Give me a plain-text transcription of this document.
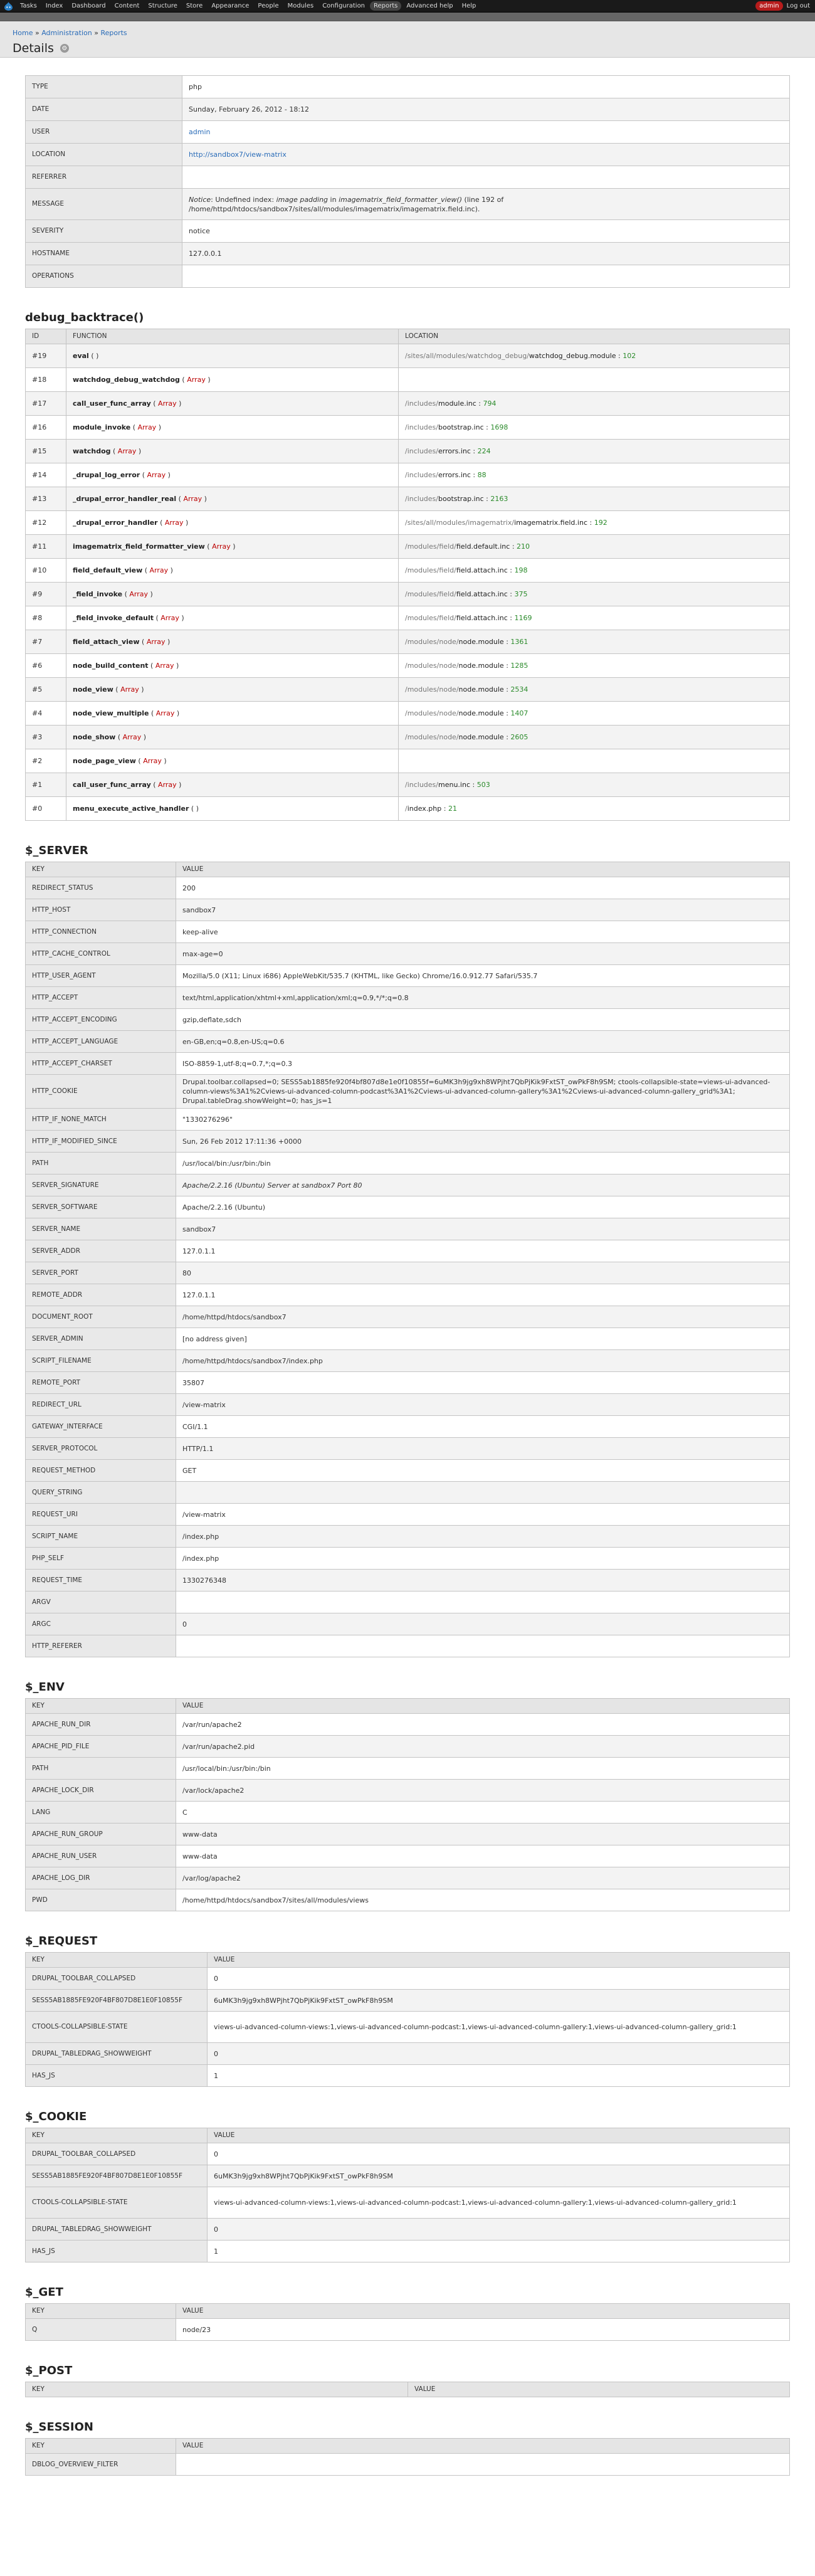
Tasks	Index	Dashboard	Content	Structure	Store	Appearance	People	Modules	Configuration	Reports	Advanced help	Help	admin	Log out
Home » Administration » Reports
Details ⚙
TYPE	php
DATE	Sunday, February 26, 2012 - 18:12
USER	admin
LOCATION	http://sandbox7/view-matrix
REFERRER	
MESSAGE	Notice: Undefined index: image padding in imagematrix_field_formatter_view() (line 192 of /home/httpd/htdocs/sandbox7/sites/all/modules/imagematrix/imagematrix.field.inc).
SEVERITY	notice
HOSTNAME	127.0.0.1
OPERATIONS	
debug_backtrace()
ID	FUNCTION	LOCATION
#19	eval ( )	/sites/all/modules/watchdog_debug/watchdog_debug.module : 102
#18	watchdog_debug_watchdog ( Array )	
#17	call_user_func_array ( Array )	/includes/module.inc : 794
#16	module_invoke ( Array )	/includes/bootstrap.inc : 1698
#15	watchdog ( Array )	/includes/errors.inc : 224
#14	_drupal_log_error ( Array )	/includes/errors.inc : 88
#13	_drupal_error_handler_real ( Array )	/includes/bootstrap.inc : 2163
#12	_drupal_error_handler ( Array )	/sites/all/modules/imagematrix/imagematrix.field.inc : 192
#11	imagematrix_field_formatter_view ( Array )	/modules/field/field.default.inc : 210
#10	field_default_view ( Array )	/modules/field/field.attach.inc : 198
#9	_field_invoke ( Array )	/modules/field/field.attach.inc : 375
#8	_field_invoke_default ( Array )	/modules/field/field.attach.inc : 1169
#7	field_attach_view ( Array )	/modules/node/node.module : 1361
#6	node_build_content ( Array )	/modules/node/node.module : 1285
#5	node_view ( Array )	/modules/node/node.module : 2534
#4	node_view_multiple ( Array )	/modules/node/node.module : 1407
#3	node_show ( Array )	/modules/node/node.module : 2605
#2	node_page_view ( Array )	
#1	call_user_func_array ( Array )	/includes/menu.inc : 503
#0	menu_execute_active_handler ( )	/index.php : 21
$_SERVER
KEY	VALUE
REDIRECT_STATUS	200
HTTP_HOST	sandbox7
HTTP_CONNECTION	keep-alive
HTTP_CACHE_CONTROL	max-age=0
HTTP_USER_AGENT	Mozilla/5.0 (X11; Linux i686) AppleWebKit/535.7 (KHTML, like Gecko) Chrome/16.0.912.77 Safari/535.7
HTTP_ACCEPT	text/html,application/xhtml+xml,application/xml;q=0.9,*/*;q=0.8
HTTP_ACCEPT_ENCODING	gzip,deflate,sdch
HTTP_ACCEPT_LANGUAGE	en-GB,en;q=0.8,en-US;q=0.6
HTTP_ACCEPT_CHARSET	ISO-8859-1,utf-8;q=0.7,*;q=0.3
HTTP_COOKIE	Drupal.toolbar.collapsed=0; SESS5ab1885fe920f4bf807d8e1e0f10855f=6uMK3h9jg9xh8WPjht7QbPjKik9FxtST_owPkF8h9SM; ctools-collapsible-state=views-ui-advanced-column-views%3A1%2Cviews-ui-advanced-column-podcast%3A1%2Cviews-ui-advanced-column-gallery%3A1%2Cviews-ui-advanced-column-gallery_grid%3A1; Drupal.tableDrag.showWeight=0; has_js=1
HTTP_IF_NONE_MATCH	"1330276296"
HTTP_IF_MODIFIED_SINCE	Sun, 26 Feb 2012 17:11:36 +0000
PATH	/usr/local/bin:/usr/bin:/bin
SERVER_SIGNATURE	Apache/2.2.16 (Ubuntu) Server at sandbox7 Port 80
SERVER_SOFTWARE	Apache/2.2.16 (Ubuntu)
SERVER_NAME	sandbox7
SERVER_ADDR	127.0.1.1
SERVER_PORT	80
REMOTE_ADDR	127.0.1.1
DOCUMENT_ROOT	/home/httpd/htdocs/sandbox7
SERVER_ADMIN	[no address given]
SCRIPT_FILENAME	/home/httpd/htdocs/sandbox7/index.php
REMOTE_PORT	35807
REDIRECT_URL	/view-matrix
GATEWAY_INTERFACE	CGI/1.1
SERVER_PROTOCOL	HTTP/1.1
REQUEST_METHOD	GET
QUERY_STRING	
REQUEST_URI	/view-matrix
SCRIPT_NAME	/index.php
PHP_SELF	/index.php
REQUEST_TIME	1330276348
ARGV	
ARGC	0
HTTP_REFERER	
$_ENV
KEY	VALUE
APACHE_RUN_DIR	/var/run/apache2
APACHE_PID_FILE	/var/run/apache2.pid
PATH	/usr/local/bin:/usr/bin:/bin
APACHE_LOCK_DIR	/var/lock/apache2
LANG	C
APACHE_RUN_GROUP	www-data
APACHE_RUN_USER	www-data
APACHE_LOG_DIR	/var/log/apache2
PWD	/home/httpd/htdocs/sandbox7/sites/all/modules/views
$_REQUEST
KEY	VALUE
DRUPAL_TOOLBAR_COLLAPSED	0
SESS5AB1885FE920F4BF807D8E1E0F10855F	6uMK3h9jg9xh8WPjht7QbPjKik9FxtST_owPkF8h9SM
CTOOLS-COLLAPSIBLE-STATE	views-ui-advanced-column-views:1,views-ui-advanced-column-podcast:1,views-ui-advanced-column-gallery:1,views-ui-advanced-column-gallery_grid:1
DRUPAL_TABLEDRAG_SHOWWEIGHT	0
HAS_JS	1
$_COOKIE
KEY	VALUE
DRUPAL_TOOLBAR_COLLAPSED	0
SESS5AB1885FE920F4BF807D8E1E0F10855F	6uMK3h9jg9xh8WPjht7QbPjKik9FxtST_owPkF8h9SM
CTOOLS-COLLAPSIBLE-STATE	views-ui-advanced-column-views:1,views-ui-advanced-column-podcast:1,views-ui-advanced-column-gallery:1,views-ui-advanced-column-gallery_grid:1
DRUPAL_TABLEDRAG_SHOWWEIGHT	0
HAS_JS	1
$_GET
KEY	VALUE
Q	node/23
$_POST
KEY	VALUE
$_SESSION
KEY	VALUE
DBLOG_OVERVIEW_FILTER	
